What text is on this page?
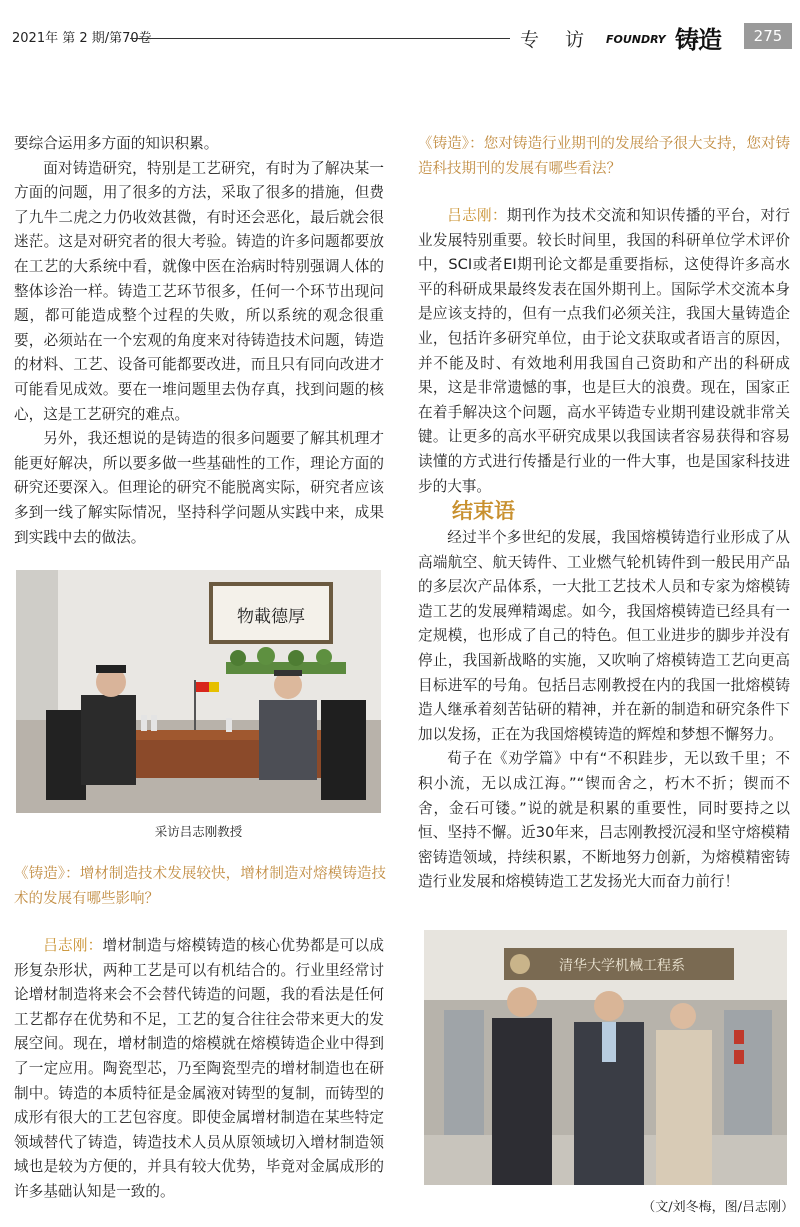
2021年 第 2 期/第70卷	专访
FOUNDRY 铸造	275

要综合运用多方面的知识积累。

面对铸造研究，特别是工艺研究，有时为了解决某一方面的问题，用了很多的方法，采取了很多的措施，但费了九牛二虎之力仍收效甚微，有时还会恶化，最后就会很迷茫。这是对研究者的很大考验。铸造的许多问题都要放在工艺的大系统中看，就像中医在治病时特别强调人体的整体诊治一样。铸造工艺环节很多，任何一个环节出现问题，都可能造成整个过程的失败，所以系统的观念很重要，必须站在一个宏观的角度来对待铸造技术问题，铸造的材料、工艺、设备可能都要改进，而且只有同向改进才可能看见成效。要在一堆问题里去伪存真，找到问题的核心，这是工艺研究的难点。

另外，我还想说的是铸造的很多问题要了解其机理才能更好解决，所以要多做一些基础性的工作，理论方面的研究还要深入。但理论的研究不能脱离实际，研究者应该多到一线了解实际情况，坚持科学问题从实践中来，成果到实践中去的做法。

物載德厚
采访吕志刚教授

《铸造》：增材制造技术发展较快，增材制造对熔模铸造技术的发展有哪些影响？

吕志刚：增材制造与熔模铸造的核心优势都是可以成形复杂形状，两种工艺是可以有机结合的。行业里经常讨论增材制造将来会不会替代铸造的问题，我的看法是任何工艺都存在优势和不足，工艺的复合往往会带来更大的发展空间。现在，增材制造的熔模就在熔模铸造企业中得到了一定应用。陶瓷型芯，乃至陶瓷型壳的增材制造也在研制中。铸造的本质特征是金属液对铸型的复制，而铸型的成形有很大的工艺包容度。即使金属增材制造在某些特定领域替代了铸造，铸造技术人员从原领域切入增材制造领域也是较为方便的，并具有较大优势，毕竟对金属成形的许多基础认知是一致的。

《铸造》：您对铸造行业期刊的发展给予很大支持，您对铸造科技期刊的发展有哪些看法？

吕志刚：期刊作为技术交流和知识传播的平台，对行业发展特别重要。较长时间里，我国的科研单位学术评价中，SCI或者EI期刊论文都是重要指标，这使得许多高水平的科研成果最终发表在国外期刊上。国际学术交流本身是应该支持的，但有一点我们必须关注，我国大量铸造企业，包括许多研究单位，由于论文获取或者语言的原因，并不能及时、有效地利用我国自己资助和产出的科研成果，这是非常遗憾的事，也是巨大的浪费。现在，国家正在着手解决这个问题，高水平铸造专业期刊建设就非常关键。让更多的高水平研究成果以我国读者容易获得和容易读懂的方式进行传播是行业的一件大事，也是国家科技进步的大事。

结束语

经过半个多世纪的发展，我国熔模铸造行业形成了从高端航空、航天铸件、工业燃气轮机铸件到一般民用产品的多层次产品体系，一大批工艺技术人员和专家为熔模铸造工艺的发展殚精竭虑。如今，我国熔模铸造已经具有一定规模，也形成了自己的特色。但工业进步的脚步并没有停止，我国新战略的实施，又吹响了熔模铸造工艺向更高目标进军的号角。包括吕志刚教授在内的我国一批熔模铸造人继承着刻苦钻研的精神，并在新的制造和研究条件下加以发扬，正在为我国熔模铸造的辉煌和梦想不懈努力。

荀子在《劝学篇》中有“不积跬步，无以致千里；不积小流，无以成江海。”“锲而舍之，朽木不折；锲而不舍，金石可镂。”说的就是积累的重要性，同时要持之以恒、坚持不懈。近30年来，吕志刚教授沉浸和坚守熔模精密铸造领域，持续积累，不断地努力创新，为熔模精密铸造行业发展和熔模铸造工艺发扬光大而奋力前行！

清华大学机械工程系
（文/刘冬梅，图/吕志刚）
